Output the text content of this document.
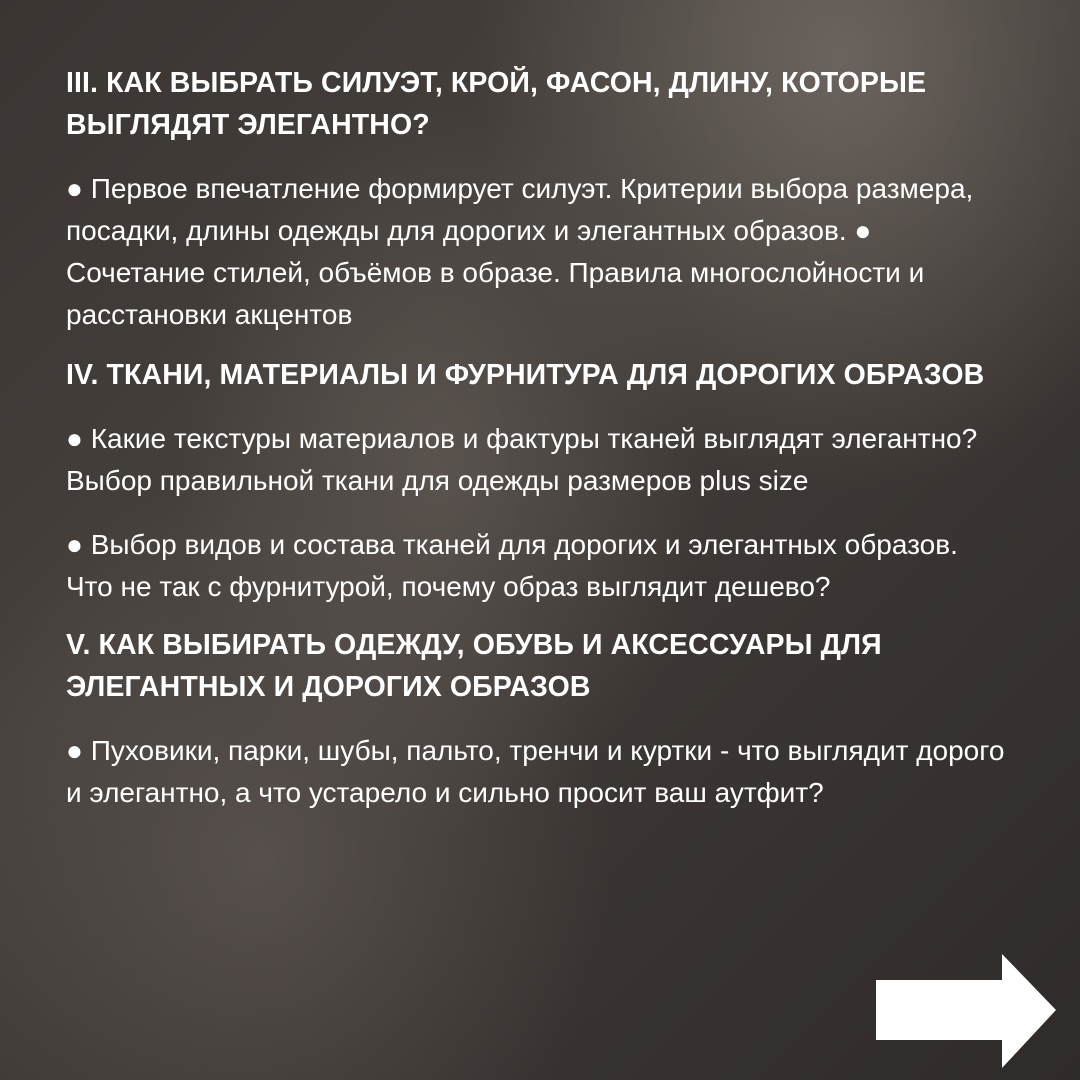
III. КАК ВЫБРАТЬ СИЛУЭТ, КРОЙ, ФАСОН, ДЛИНУ, КОТОРЫЕ ВЫГЛЯДЯТ ЭЛЕГАНТНО?

● Первое впечатление формирует силуэт. Критерии выбора размера, посадки, длины одежды для дорогих и элегантных образов. ● Сочетание стилей, объёмов в образе. Правила многослойности и расстановки акцентов

IV. ТКАНИ, МАТЕРИАЛЫ И ФУРНИТУРА ДЛЯ ДОРОГИХ ОБРАЗОВ

● Какие текстуры материалов и фактуры тканей выглядят элегантно? Выбор правильной ткани для одежды размеров plus size

● Выбор видов и состава тканей для дорогих и элегантных образов. Что не так с фурнитурой, почему образ выглядит дешево?

V. КАК ВЫБИРАТЬ ОДЕЖДУ, ОБУВЬ И АКСЕССУАРЫ ДЛЯ ЭЛЕГАНТНЫХ И ДОРОГИХ ОБРАЗОВ

● Пуховики, парки, шубы, пальто, тренчи и куртки - что выглядит дорого и элегантно, а что устарело и сильно просит ваш аутфит?
